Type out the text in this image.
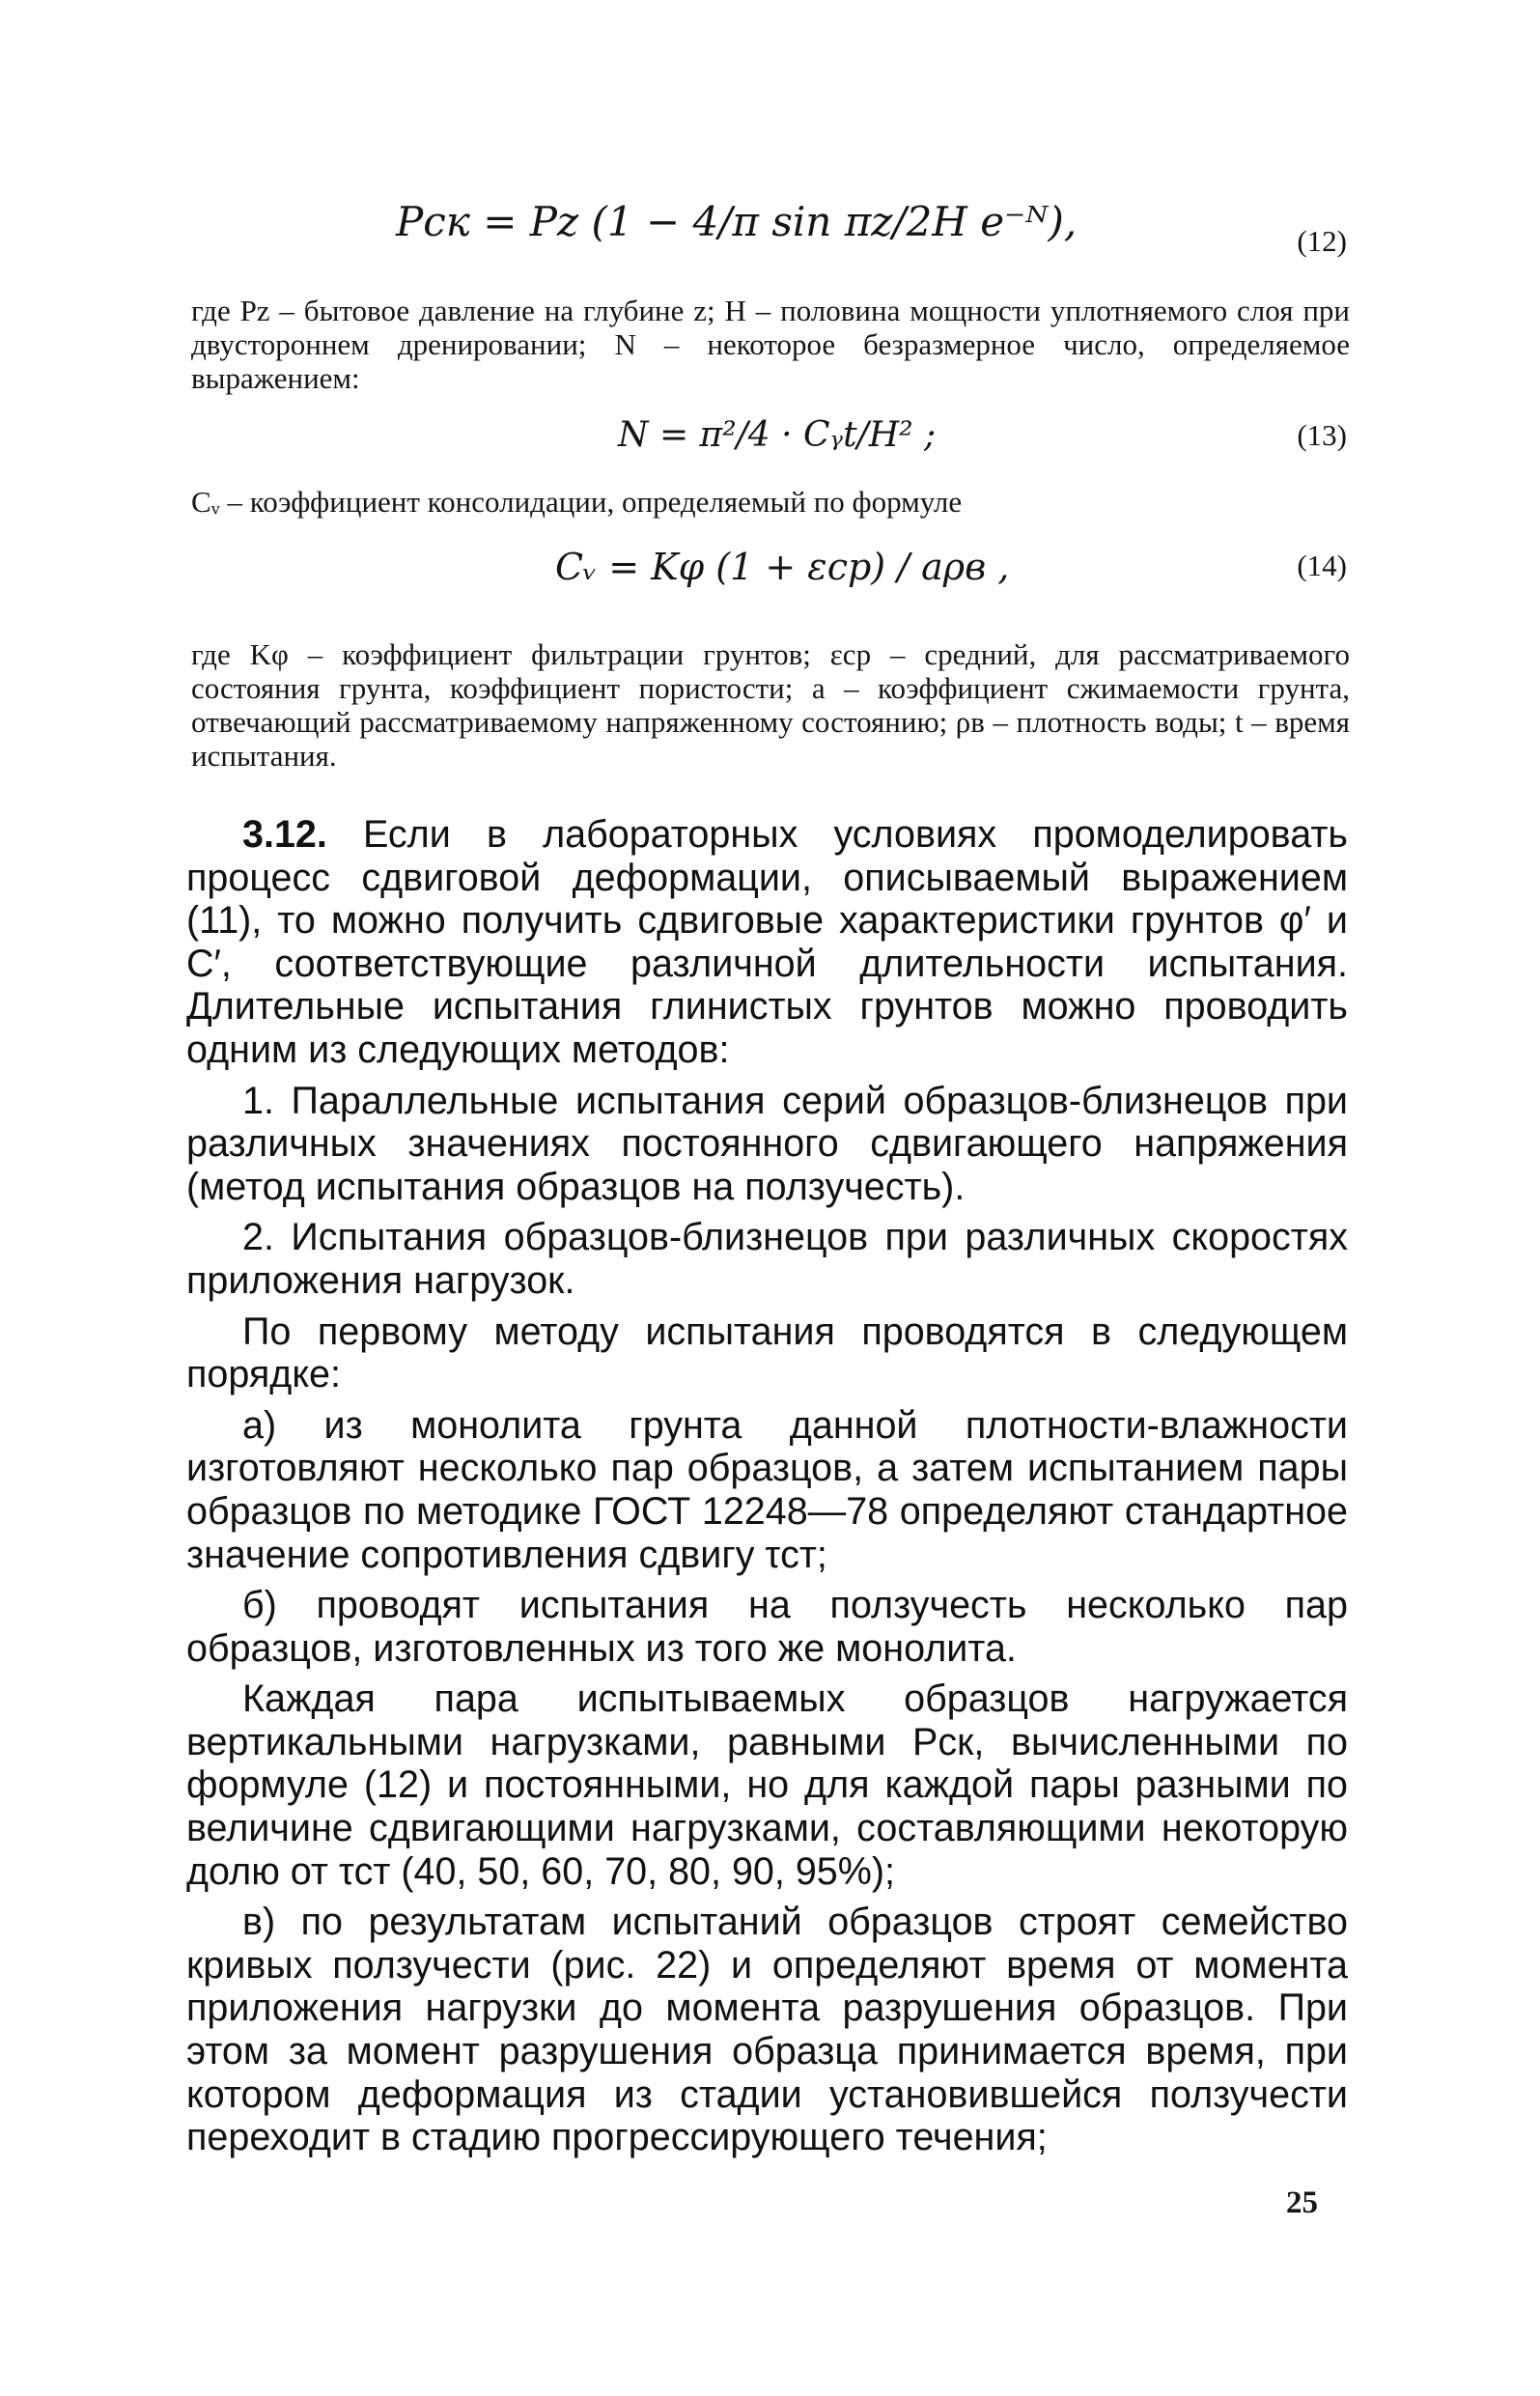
Pск = Pz (1 − 4/π sin πz/2H e⁻ᴺ),	(12)

где Pz – бытовое давление на глубине z; H – половина мощности уплотняемого слоя при двустороннем дренировании; N – некоторое безразмерное число, определяемое выражением:

N = π²/4 · Cᵧt/H² ;	(13)

Cᵥ – коэффициент консолидации, определяемый по формуле

Cᵥ = Kφ (1 + εср) / aρв ,	(14)

где Kφ – коэффициент фильтрации грунтов; εср – средний, для рассматриваемого состояния грунта, коэффициент пористости; a – коэффициент сжимаемости грунта, отвечающий рассматриваемому напряженному состоянию; ρв – плотность воды; t – время испытания.

3.12. Если в лабораторных условиях промоделировать процесс сдвиговой деформации, описываемый выражением (11), то можно получить сдвиговые характеристики грунтов φ′ и C′, соответствующие различной длительности испытания. Длительные испытания глинистых грунтов можно проводить одним из следующих методов:

1. Параллельные испытания серий образцов-близнецов при различных значениях постоянного сдвигающего напряжения (метод испытания образцов на ползучесть).

2. Испытания образцов-близнецов при различных скоростях приложения нагрузок.

По первому методу испытания проводятся в следующем порядке:

а) из монолита грунта данной плотности-влажности изготовляют несколько пар образцов, а затем испытанием пары образцов по методике ГОСТ 12248—78 определяют стандартное значение сопротивления сдвигу τст;

б) проводят испытания на ползучесть несколько пар образцов, изготовленных из того же монолита.

Каждая пара испытываемых образцов нагружается вертикальными нагрузками, равными Pск, вычисленными по формуле (12) и постоянными, но для каждой пары разными по величине сдвигающими нагрузками, составляющими некоторую долю от τст (40, 50, 60, 70, 80, 90, 95%);

в) по результатам испытаний образцов строят семейство кривых ползучести (рис. 22) и определяют время от момента приложения нагрузки до момента разрушения образцов. При этом за момент разрушения образца принимается время, при котором деформация из стадии установившейся ползучести переходит в стадию прогрессирующего течения;

25
